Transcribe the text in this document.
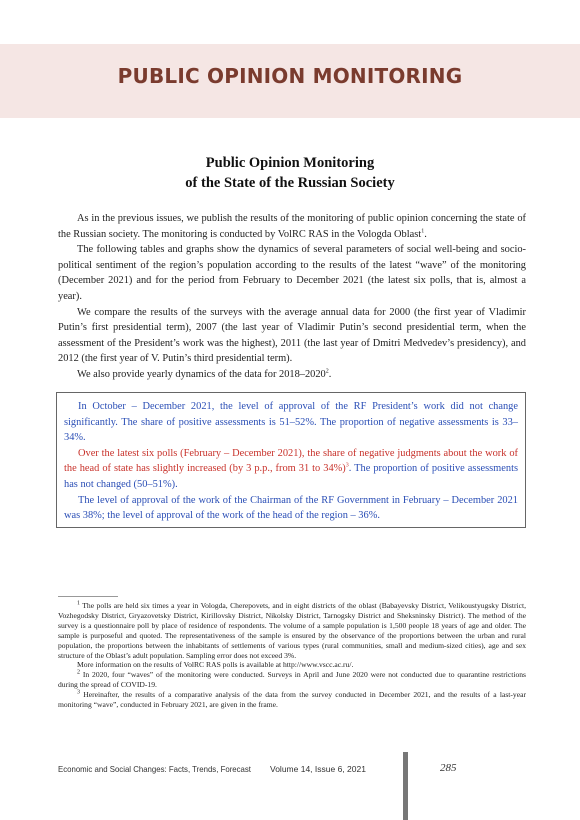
PUBLIC OPINION MONITORING
Public Opinion Monitoring
of the State of the Russian Society

As in the previous issues, we publish the results of the monitoring of public opinion concerning the state of the Russian society. The monitoring is conducted by VolRC RAS in the Vologda Oblast$^1$.

The following tables and graphs show the dynamics of several parameters of social well-being and socio-political sentiment of the region’s population according to the results of the latest “wave” of the monitoring (December 2021) and for the period from February to December 2021 (the latest six polls, that is, almost a year).

We compare the results of the surveys with the average annual data for 2000 (the first year of Vladimir Putin’s first presidential term), 2007 (the last year of Vladimir Putin’s second presidential term, when the assessment of the President’s work was the highest), 2011 (the last year of Dmitri Medvedev’s presidency), and 2012 (the first year of V. Putin’s third presidential term).

We also provide yearly dynamics of the data for 2018–2020$^2$.

In October – December 2021, the level of approval of the RF President’s work did not change significantly. The share of positive assessments is 51–52%. The proportion of negative assessments is 33–34%.

Over the latest six polls (February – December 2021), the share of negative judgments about the work of the head of state has slightly increased (by 3 p.p., from 31 to 34%)$^3$. The proportion of positive assessments has not changed (50–51%).

The level of approval of the work of the Chairman of the RF Government in February – December 2021 was 38%; the level of approval of the work of the head of the region – 36%.

$^1$ The polls are held six times a year in Vologda, Cherepovets, and in eight districts of the oblast (Babayevsky District, Velikoustyugsky District, Vozhegodsky District, Gryazovetsky District, Kirillovsky District, Nikolsky District, Tarnogsky District and Sheksninsky District). The method of the survey is a questionnaire poll by place of residence of respondents. The volume of a sample population is 1,500 people 18 years of age and older. The sample is purposeful and quoted. The representativeness of the sample is ensured by the observance of the proportions between the urban and rural population, the proportions between the inhabitants of settlements of various types (rural communities, small and medium-sized cities), age and sex structure of the Oblast’s adult population. Sampling error does not exceed 3%.

More information on the results of VolRC RAS polls is available at http://www.vscc.ac.ru/.

$^2$ In 2020, four “waves” of the monitoring were conducted. Surveys in April and June 2020 were not conducted due to quarantine restrictions during the spread of COVID-19.

$^3$ Hereinafter, the results of a comparative analysis of the data from the survey conducted in December 2021, and the results of a last-year monitoring “wave”, conducted in February 2021, are given in the frame.

Economic and Social Changes: Facts, Trends, Forecast Volume 14, Issue 6, 2021	285
